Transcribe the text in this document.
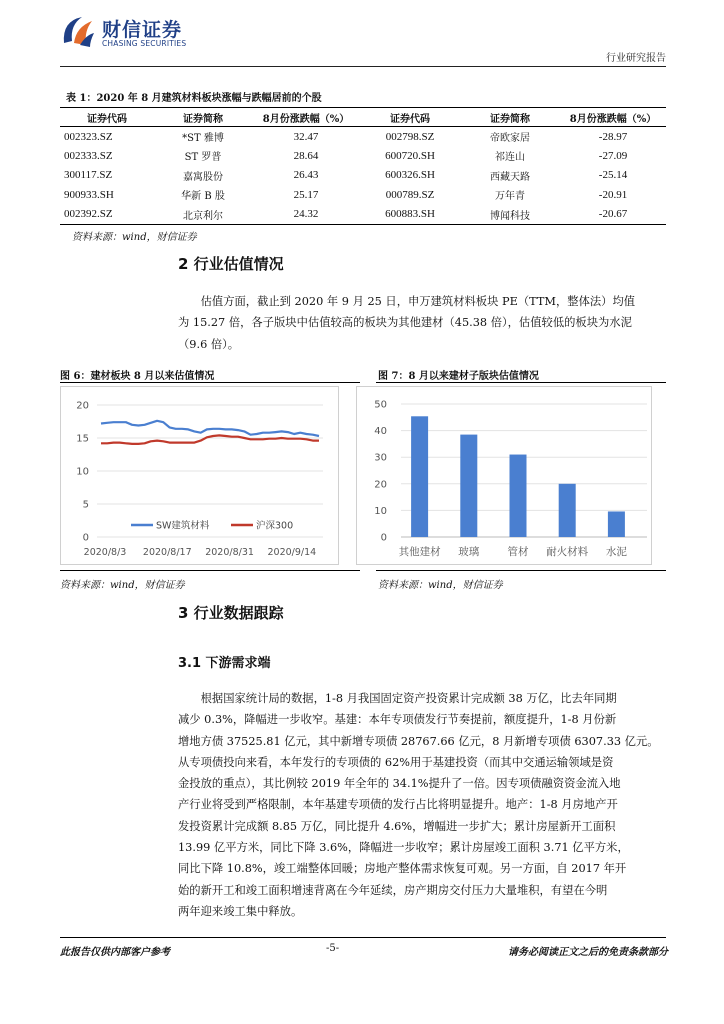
财信证券
CHASING SECURITIES
行业研究报告
表 1：2020 年 8 月建筑材料板块涨幅与跌幅居前的个股
证券代码	证券简称	8月份涨跌幅（%）	证券代码	证券简称	8月份涨跌幅（%）
002323.SZ	*ST 雅博	32.47	002798.SZ	帝欧家居	-28.97
002333.SZ	ST 罗普	28.64	600720.SH	祁连山	-27.09
300117.SZ	嘉寓股份	26.43	600326.SH	西藏天路	-25.14
900933.SH	华新 B 股	25.17	000789.SZ	万年青	-20.91
002392.SZ	北京利尔	24.32	600883.SH	博闻科技	-20.67
资料来源：wind，财信证券
2 行业估值情况
估值方面，截止到 2020 年 9 月 25 日，申万建筑材料板块 PE（TTM，整体法）均值
为 15.27 倍，各子版块中估值较高的板块为其他建材（45.38 倍），估值较低的板块为水泥
（9.6 倍）。
图 6：建材板块 8 月以来估值情况
0
5
10
15
20
2020/8/3 2020/8/17 2020/8/31 2020/9/14
SW建筑材料	沪深300
资料来源：wind，财信证券
图 7：8 月以来建材子版块估值情况
0
10
20
30
40
50
其他建材 玻璃	管材 耐火材料 水泥
资料来源：wind，财信证券
3 行业数据跟踪
3.1 下游需求端
根据国家统计局的数据，1-8 月我国固定资产投资累计完成额 38 万亿，比去年同期
减少 0.3%，降幅进一步收窄。基建：本年专项债发行节奏提前，额度提升，1-8 月份新
增地方债 37525.81 亿元，其中新增专项债 28767.66 亿元，8 月新增专项债 6307.33 亿元。
从专项债投向来看，本年发行的专项债的 62%用于基建投资（而其中交通运输领域是资
金投放的重点），其比例较 2019 年全年的 34.1%提升了一倍。因专项债融资资金流入地
产行业将受到严格限制，本年基建专项债的发行占比将明显提升。地产：1-8 月房地产开
发投资累计完成额 8.85 万亿，同比提升 4.6%，增幅进一步扩大；累计房屋新开工面积
13.99 亿平方米，同比下降 3.6%，降幅进一步收窄；累计房屋竣工面积 3.71 亿平方米，
同比下降 10.8%，竣工端整体回暖；房地产整体需求恢复可观。另一方面，自 2017 年开
始的新开工和竣工面积增速背离在今年延续，房产期房交付压力大量堆积，有望在今明
两年迎来竣工集中释放。
此报告仅供内部客户参考	-5-	请务必阅读正文之后的免责条款部分
